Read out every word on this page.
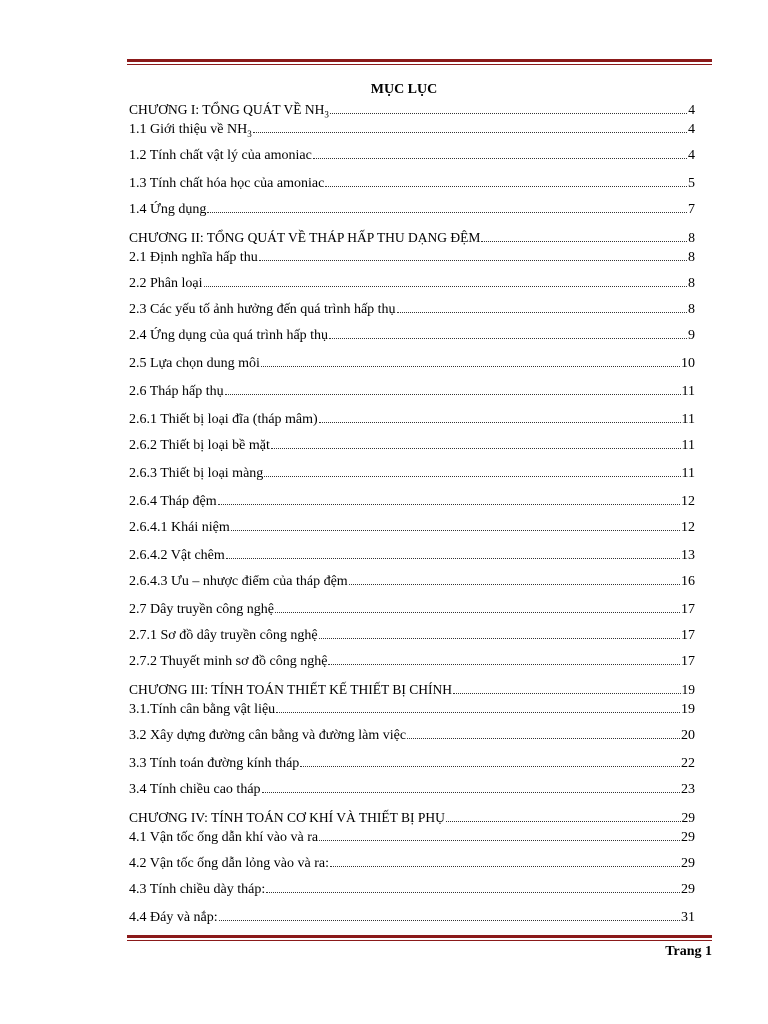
MỤC LỤC
CHƯƠNG I: TỔNG QUÁT VỀ $NH_3$	4
1.1 Giới thiệu về $NH_3$	4
1.2 Tính chất vật lý của amoniac	4
1.3 Tính chất hóa học của amoniac	5
1.4 Ứng dụng	7
CHƯƠNG II: TỔNG QUÁT VỀ THÁP HẤP THU DẠNG ĐỆM	8
2.1 Định nghĩa hấp thu	8
2.2 Phân loại	8
2.3 Các yếu tố ảnh hưởng đến quá trình hấp thụ	8
2.4 Ứng dụng của quá trình hấp thụ	9
2.5 Lựa chọn dung môi	10
2.6 Tháp hấp thụ	11
2.6.1 Thiết bị loại đĩa (tháp mâm)	11
2.6.2 Thiết bị loại bề mặt	11
2.6.3 Thiết bị loại màng	11
2.6.4 Tháp đệm	12
2.6.4.1 Khái niệm	12
2.6.4.2 Vật chêm	13
2.6.4.3 Ưu – nhược điểm của tháp đệm	16
2.7 Dây truyền công nghệ	17
2.7.1 Sơ đồ dây truyền công nghệ	17
2.7.2 Thuyết minh sơ đồ công nghệ	17
CHƯƠNG III: TÍNH TOÁN THIẾT KẾ THIẾT BỊ CHÍNH	19
3.1.Tính cân bằng vật liệu	19
3.2 Xây dựng đường cân bằng và đường làm việc	20
3.3 Tính toán đường kính tháp	22
3.4 Tính chiều cao tháp	23
CHƯƠNG IV: TÍNH TOÁN CƠ KHÍ VÀ THIẾT BỊ PHỤ	29
4.1 Vận tốc ống dẫn khí vào và ra	29
4.2 Vận tốc ống dẫn lỏng vào và ra:	29
4.3 Tính chiều dày tháp:	29
4.4 Đáy và nắp:	31
Trang 1
